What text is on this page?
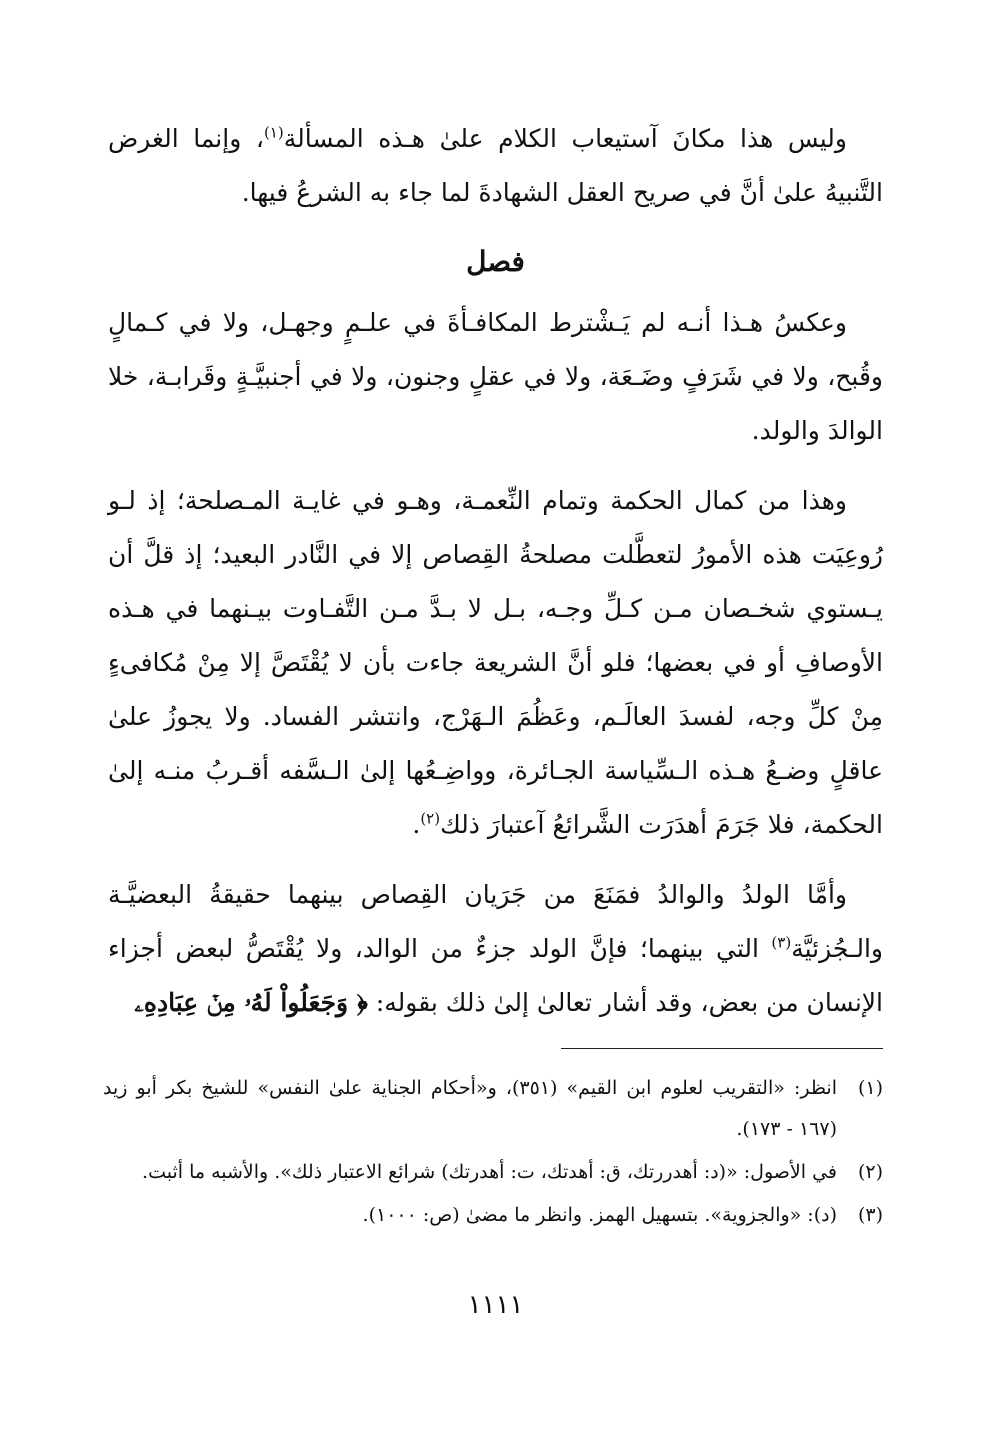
وليس هذا مكانَ آستيعاب الكلام علىٰ هـذه المسألة$^{(١)}$، وإنما الغرض التَّنبيهُ علىٰ أنَّ في صريح العقل الشهادةَ لما جاء به الشرعُ فيها.

فصل

وعكسُ هـذا أنـه لم يَـشْترط المكافـأةَ في علـمٍ وجهـل، ولا في كـمالٍ وقُبح، ولا في شَرَفٍ وضَـعَة، ولا في عقلٍ وجنون، ولا في أجنبيَّـةٍ وقَرابـة، خلا الوالدَ والولد.

وهذا من كمال الحكمة وتمام النِّعمـة، وهـو في غايـة المـصلحة؛ إذ لـو رُوعِيَت هذه الأمورُ لتعطَّلت مصلحةُ القِصاص إلا في النَّادر البعيد؛ إذ قلَّ أن يـستوي شخـصان مـن كـلِّ وجـه، بـل لا بـدَّ مـن التَّفـاوت بيـنهما في هـذه الأوصافِ أو في بعضها؛ فلو أنَّ الشريعة جاءت بأن لا يُقْتَصَّ إلا مِنْ مُكافىءٍ مِنْ كلِّ وجه، لفسدَ العالَـم، وعَظُمَ الـهَرْج، وانتشر الفساد. ولا يجوزُ علىٰ عاقلٍ وضـعُ هـذه الـسِّياسة الجـائرة، وواضِـعُها إلىٰ الـسَّفه أقـربُ منـه إلىٰ الحكمة، فلا جَرَمَ أهدَرَت الشَّرائعُ آعتبارَ ذلك$^{(٢)}$.

وأمَّا الولدُ والوالدُ فمَنَعَ من جَرَيان القِصاص بينهما حقيقةُ البعضيَّـة والـجُزئيَّة$^{(٣)}$ التي بينهما؛ فإنَّ الولد جزءٌ من الوالد، ولا يُقْتَصُّ لبعض أجزاء الإنسان من بعض، وقد أشار تعالىٰ إلىٰ ذلك بقوله: ﴿ وَجَعَلُواْ لَهُۥ مِنۡ عِبَادِهِۦ

(١)
انظر: «التقريب لعلوم ابن القيم» (٣٥١)، و«أحكام الجناية علىٰ النفس» للشيخ بكر أبو زيد (١٦٧ - ١٧٣).
(٢)
في الأصول: «(د: أهدررتك، ق: أهدتك، ت: أهدرتك) شرائع الاعتبار ذلك». والأشبه ما أثبت.
(٣)
(د): «والجزوية». بتسهيل الهمز. وانظر ما مضىٰ (ص: ١٠٠٠).
١١١١
